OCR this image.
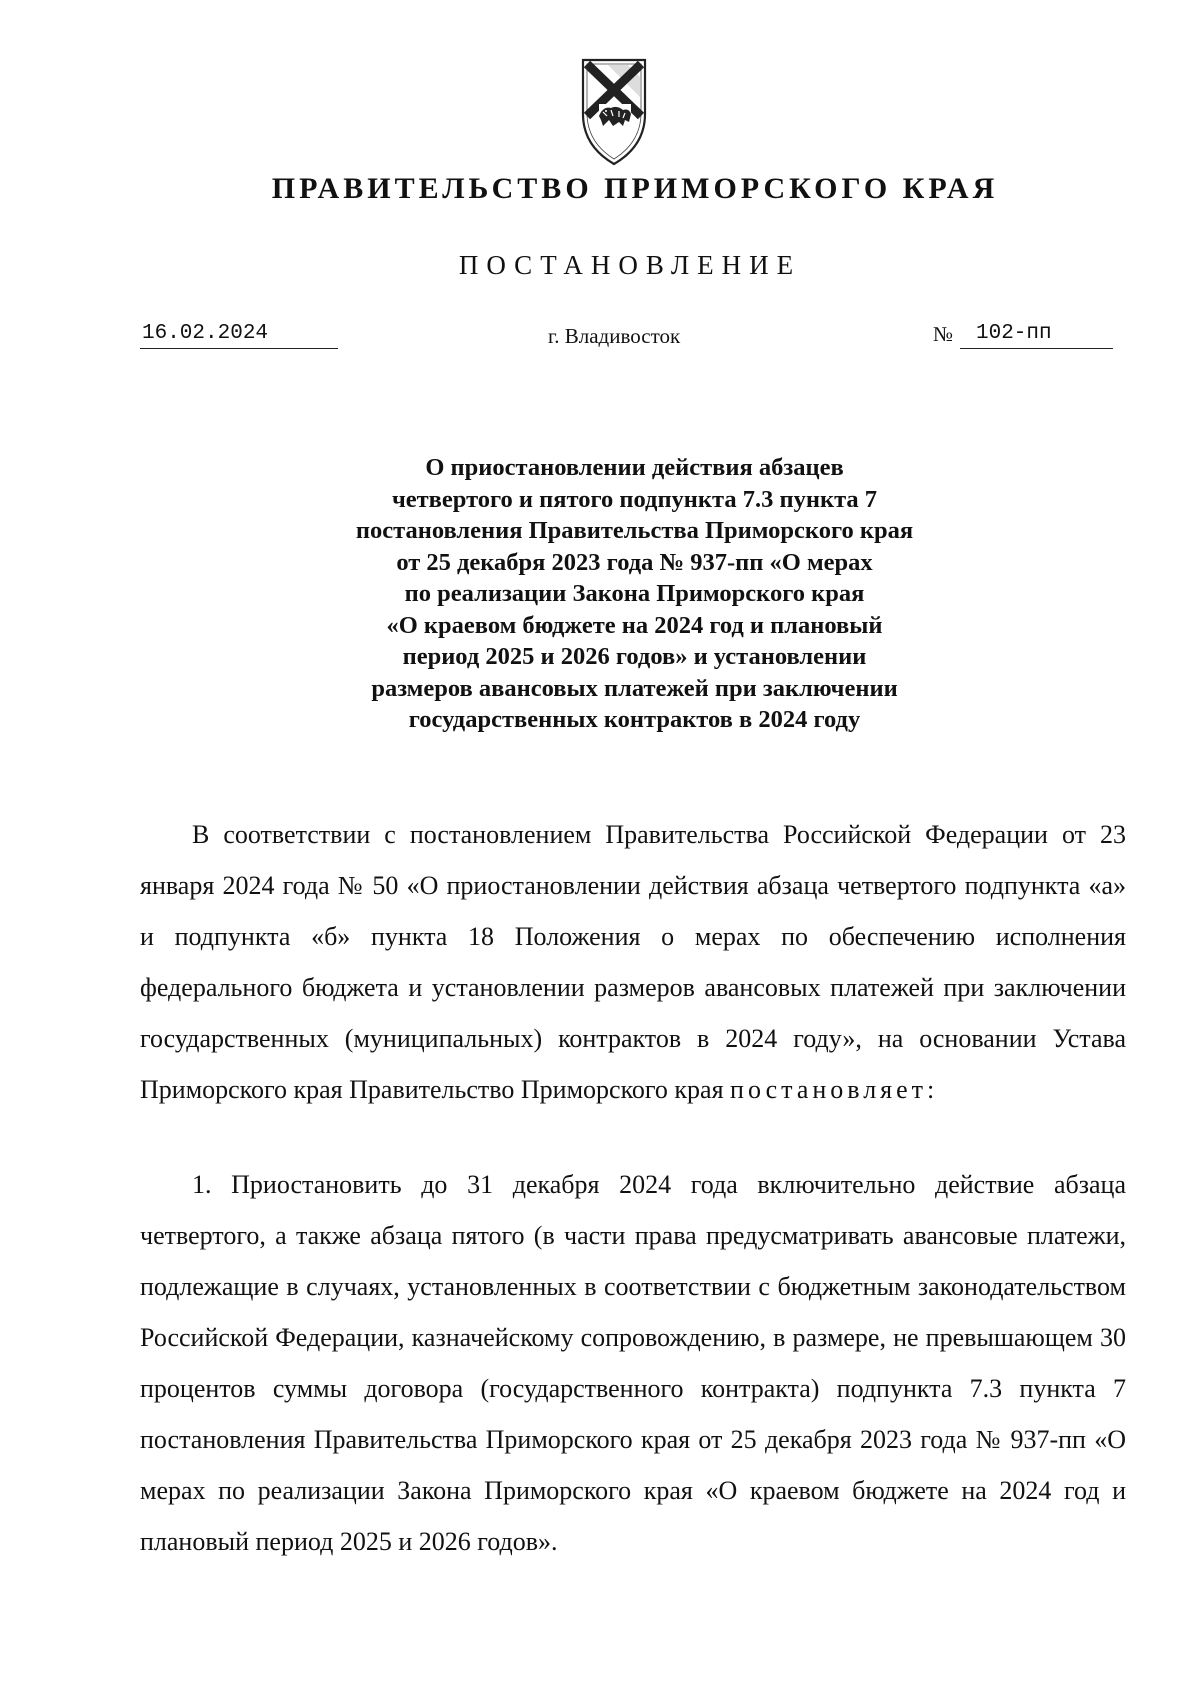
ПРАВИТЕЛЬСТВО ПРИМОРСКОГО КРАЯ
ПОСТАНОВЛЕНИЕ
16.02.2024	г. Владивосток	№	102-пп
О приостановлении действия абзацев
четвертого и пятого подпункта 7.3 пункта 7
постановления Правительства Приморского края
от 25 декабря 2023 года № 937-пп «О мерах
по реализации Закона Приморского края
«О краевом бюджете на 2024 год и плановый
период 2025 и 2026 годов» и установлении
размеров авансовых платежей при заключении
государственных контрактов в 2024 году
В соответствии с постановлением Правительства Российской Федерации от 23 января 2024 года № 50 «О приостановлении действия абзаца четвертого подпункта «а» и подпункта «б» пункта 18 Положения о мерах по обеспечению исполнения федерального бюджета и установлении размеров авансовых платежей при заключении государственных (муниципальных) контрактов в 2024 году», на основании Устава Приморского края Правительство Приморского края постановляет:
1. Приостановить до 31 декабря 2024 года включительно действие абзаца четвертого, а также абзаца пятого (в части права предусматривать авансовые платежи, подлежащие в случаях, установленных в соответствии с бюджетным законодательством Российской Федерации, казначейскому сопровождению, в размере, не превышающем 30 процентов суммы договора (государственного контракта) подпункта 7.3 пункта 7 постановления Правительства Приморского края от 25 декабря 2023 года № 937-пп «О мерах по реализации Закона Приморского края «О краевом бюджете на 2024 год и плановый период 2025 и 2026 годов».
